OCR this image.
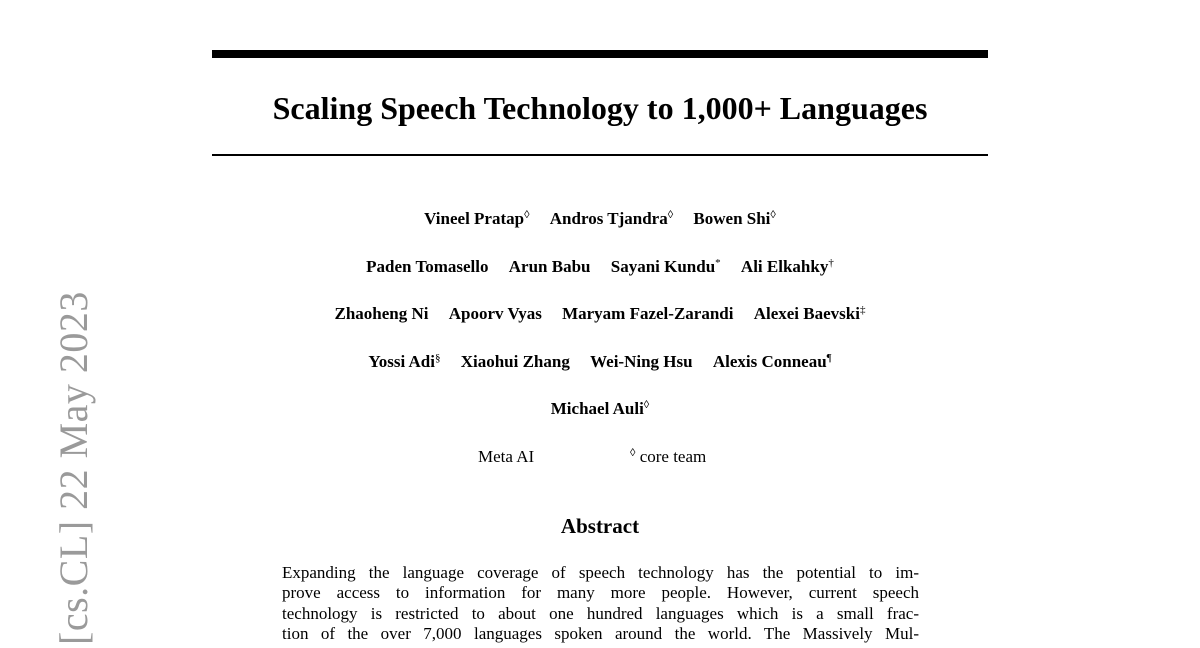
[cs.CL] 22 May 2023
Scaling Speech Technology to 1,000+ Languages
Vineel Pratap◊ Andros Tjandra◊ Bowen Shi◊
Paden Tomasello Arun Babu Sayani Kundu* Ali Elkahky†
Zhaoheng Ni Apoorv Vyas Maryam Fazel-Zarandi Alexei Baevski‡
Yossi Adi§ Xiaohui Zhang Wei-Ning Hsu Alexis Conneau¶
Michael Auli◊
Meta AI	◊ core team
Abstract
Expanding the language coverage of speech technology has the potential to im-
prove access to information for many more people. However, current speech
technology is restricted to about one hundred languages which is a small frac-
tion of the over 7,000 languages spoken around the world. The Massively Mul-
